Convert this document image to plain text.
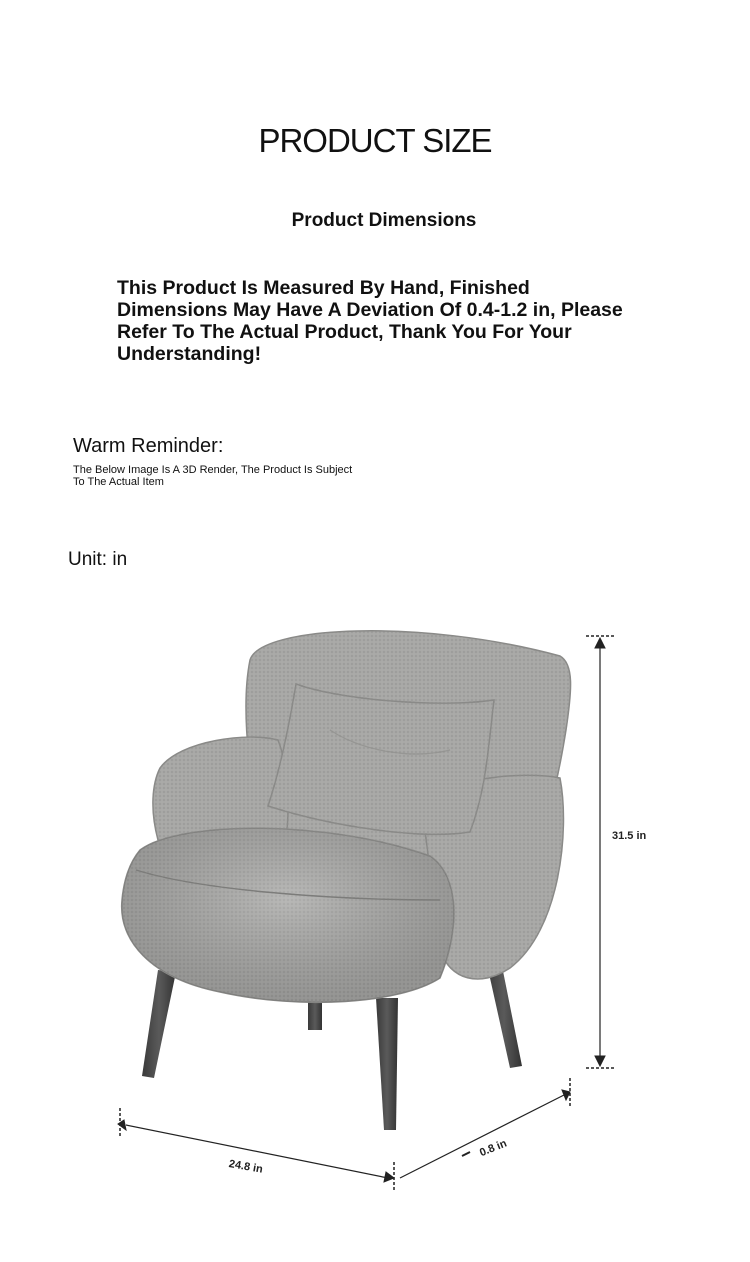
PRODUCT SIZE
Product Dimensions

This Product Is Measured By Hand, Finished Dimensions May Have A Deviation Of 0.4-1.2 in, Please Refer To The Actual Product, Thank You For Your Understanding!

Warm Reminder:

The Below Image Is A 3D Render, The Product Is Subject To The Actual Item

Unit: in

31.5 in
24.8 in
0.8 in
